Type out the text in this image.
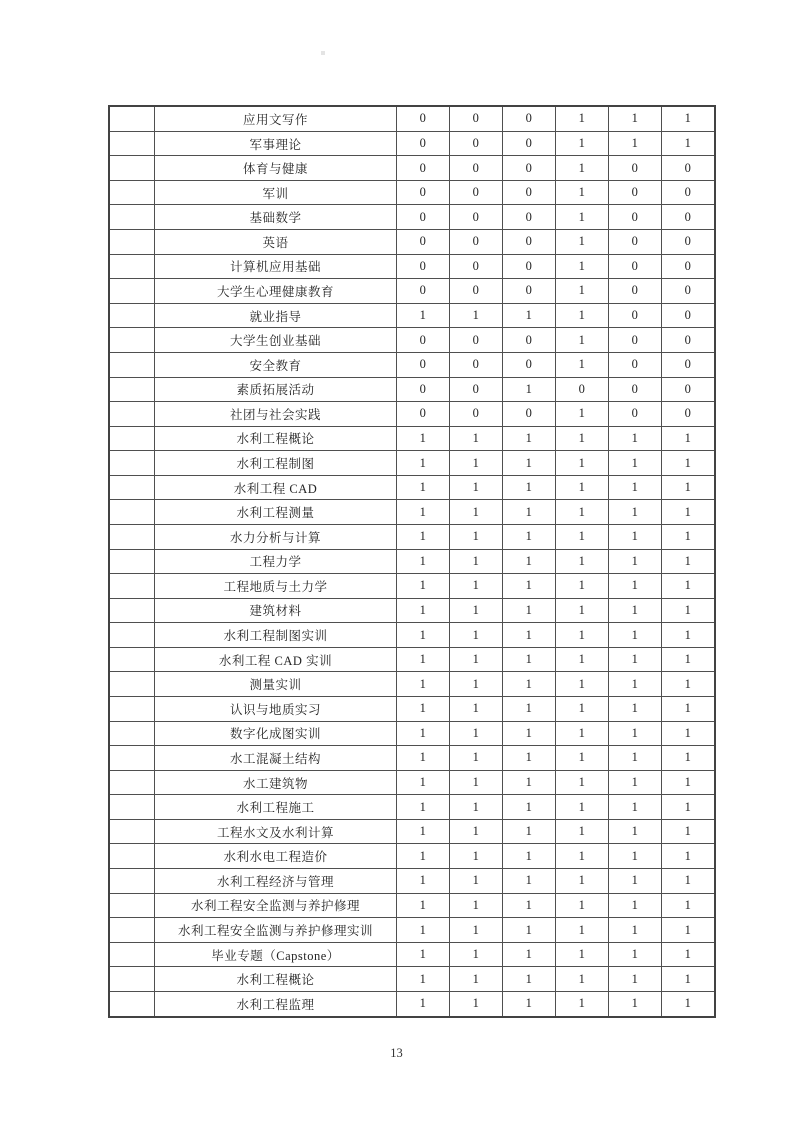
	应用文写作	0	0	0	1	1	1
	军事理论	0	0	0	1	1	1
	体育与健康	0	0	0	1	0	0
	军训	0	0	0	1	0	0
	基础数学	0	0	0	1	0	0
	英语	0	0	0	1	0	0
	计算机应用基础	0	0	0	1	0	0
	大学生心理健康教育	0	0	0	1	0	0
	就业指导	1	1	1	1	0	0
	大学生创业基础	0	0	0	1	0	0
	安全教育	0	0	0	1	0	0
	素质拓展活动	0	0	1	0	0	0
	社团与社会实践	0	0	0	1	0	0
	水利工程概论	1	1	1	1	1	1
	水利工程制图	1	1	1	1	1	1
	水利工程 CAD	1	1	1	1	1	1
	水利工程测量	1	1	1	1	1	1
	水力分析与计算	1	1	1	1	1	1
	工程力学	1	1	1	1	1	1
	工程地质与土力学	1	1	1	1	1	1
	建筑材料	1	1	1	1	1	1
	水利工程制图实训	1	1	1	1	1	1
	水利工程 CAD 实训	1	1	1	1	1	1
	测量实训	1	1	1	1	1	1
	认识与地质实习	1	1	1	1	1	1
	数字化成图实训	1	1	1	1	1	1
	水工混凝土结构	1	1	1	1	1	1
	水工建筑物	1	1	1	1	1	1
	水利工程施工	1	1	1	1	1	1
	工程水文及水利计算	1	1	1	1	1	1
	水利水电工程造价	1	1	1	1	1	1
	水利工程经济与管理	1	1	1	1	1	1
	水利工程安全监测与养护修理	1	1	1	1	1	1
	水利工程安全监测与养护修理实训	1	1	1	1	1	1
	毕业专题（Capstone）	1	1	1	1	1	1
	水利工程概论	1	1	1	1	1	1
	水利工程监理	1	1	1	1	1	1
13
